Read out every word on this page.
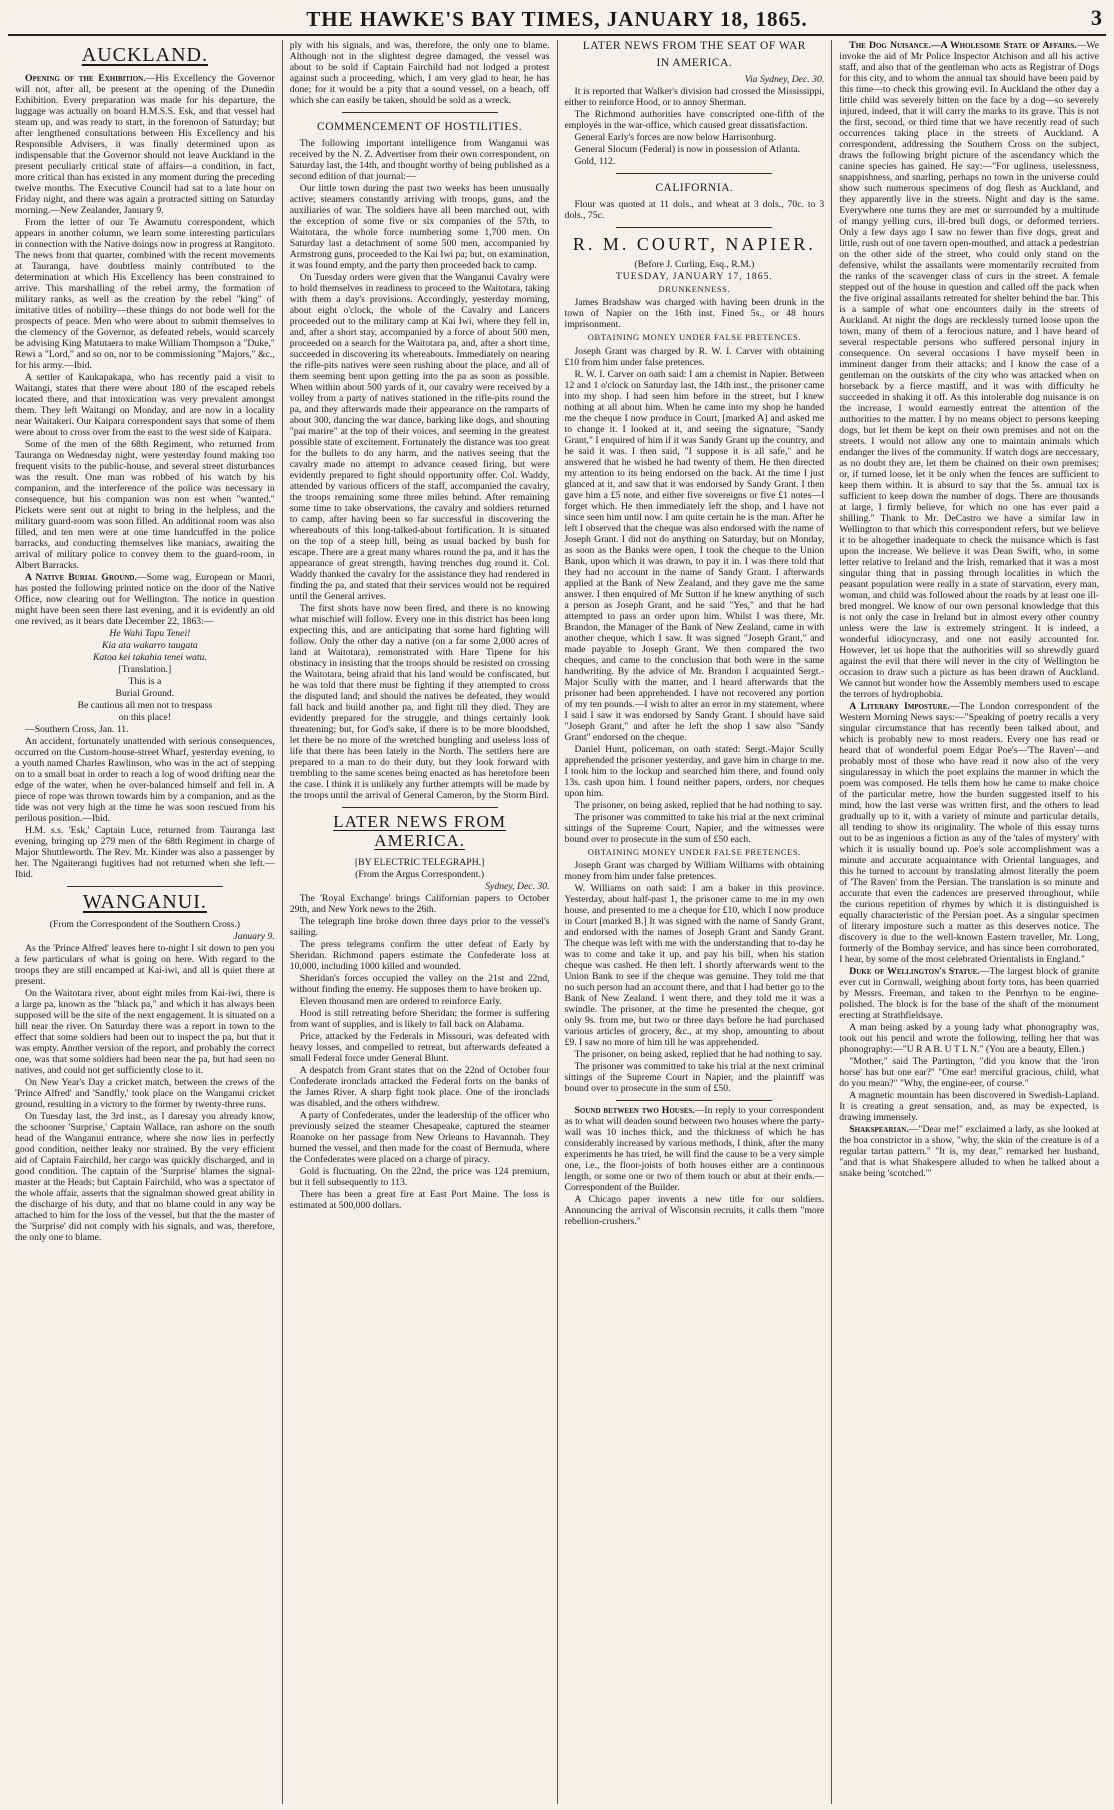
THE HAWKE'S BAY TIMES, JANUARY 18, 1865.	3
AUCKLAND.

Opening of the Exhibition.—His Excellency the Governor will not, after all, be present at the opening of the Dunedin Exhibition. Every preparation was made for his departure, the luggage was actually on board H.M.S.S. Esk, and that vessel had steam up, and was ready to start, in the forenoon of Saturday; but after lengthened consultations between His Excellency and his Responsible Advisers, it was finally determined upon as indispensable that the Governor should not leave Auckland in the present peculiarly critical state of affairs—a condition, in fact, more critical than has existed in any moment during the preceding twelve months. The Executive Council had sat to a late hour on Friday night, and there was again a protracted sitting on Saturday morning.—New Zealander, January 9.

From the letter of our Te Awamutu correspondent, which appears in another column, we learn some interesting particulars in connection with the Native doings now in progress at Rangitoto. The news from that quarter, combined with the recent movements at Tauranga, have doubtless mainly contributed to the determination at which His Excellency has been constrained to arrive. This marshalling of the rebel army, the formation of military ranks, as well as the creation by the rebel "king" of imitative titles of nobility—these things do not bode well for the prospects of peace. Men who were about to submit themselves to the clemency of the Governor, as defeated rebels, would scarcely be advising King Matutaera to make William Thompson a "Duke," Rewi a "Lord," and so on, nor to be commissioning "Majors," &c., for his army.—Ibid.

A settler of Kaukapakapa, who has recently paid a visit to Waitangi, states that there were about 180 of the escaped rebels located there, and that intoxication was very prevalent amongst them. They left Waitangi on Monday, and are now in a locality near Waitakeri. Our Kaipara correspondent says that some of them were about to cross over from the east to the west side of Kaipara.

Some of the men of the 68th Regiment, who returned from Tauranga on Wednesday night, were yesterday found making too frequent visits to the public-house, and several street disturbances was the result. One man was robbed of his watch by his companion, and the interference of the police was necessary in consequence, but his companion was non est when "wanted." Pickets were sent out at night to bring in the helpless, and the military guard-room was soon filled. An additional room was also filled, and ten men were at one time handcuffed in the police barracks, and conducting themselves like maniacs, awaiting the arrival of military police to convey them to the guard-room, in Albert Barracks.

A Native Burial Ground.—Some wag, European or Maori, has posted the following printed notice on the door of the Native Office, now clearing out for Wellington. The notice in question might have been seen there last evening, and it is evidently an old one revived, as it bears date December 22, 1863:—

He Wahi Tapu Tenei!

Kia ata wakarro taugata

Katoa kei takahia tenei watu.

[Translation.]

This is a

Burial Ground.

Be cautious all men not to trespass

on this place!

—Southern Cross, Jan. 11.

An accident, fortunately unattended with serious consequences, occurred on the Custom-house-street Wharf, yesterday evening, to a youth named Charles Rawlinson, who was in the act of stepping on to a small boat in order to reach a log of wood drifting near the edge of the water, when he over-balanced himself and fell in. A piece of rope was thrown towards him by a companion, and as the tide was not very high at the time he was soon rescued from his perilous position.—Ibid.

H.M. s.s. 'Esk,' Captain Luce, returned from Tauranga last evening, bringing up 279 men of the 68th Regiment in charge of Major Shuttleworth. The Rev. Mr. Kinder was also a passenger by her. The Ngaiterangi fugitives had not returned when she left.—Ibid.

WANGANUI.

(From the Correspondent of the Southern Cross.)

January 9.

As the 'Prince Alfred' leaves here to-night I sit down to pen you a few particulars of what is going on here. With regard to the troops they are still encamped at Kai-iwi, and all is quiet there at present.

On the Waitotara river, about eight miles from Kai-iwi, there is a large pa, known as the "black pa," and which it has always been supposed will be the site of the next engagement. It is situated on a hill near the river. On Saturday there was a report in town to the effect that some soldiers had been out to inspect the pa, but that it was empty. Another version of the report, and probably the correct one, was that some soldiers had been near the pa, but had seen no natives, and could not get sufficiently close to it.

On New Year's Day a cricket match, between the crews of the 'Prince Alfred' and 'Sandfly,' took place on the Wanganui cricket ground, resulting in a victory to the former by twenty-three runs.

On Tuesday last, the 3rd inst., as I daresay you already know, the schooner 'Surprise,' Captain Wallace, ran ashore on the south head of the Wanganui entrance, where she now lies in perfectly good condition, neither leaky nor strained. By the very efficient aid of Captain Fairchild, her cargo was quickly discharged, and in good condition. The captain of the 'Surprise' blames the signal-master at the Heads; but Captain Fairchild, who was a spectator of the whole affair, asserts that the signalman showed great ability in the discharge of his duty, and that no blame could in any way be attached to him for the loss of the vessel, but that the the master of the 'Surprise' did not comply with his signals, and was, therefore, the only one to blame.

ply with his signals, and was, therefore, the only one to blame. Although not in the slightest degree damaged, the vessel was about to be sold if Captain Fairchild had not lodged a protest against such a proceeding, which, I am very glad to hear, he has done; for it would be a pity that a sound vessel, on a beach, off which she can easily be taken, should be sold as a wreck.

COMMENCEMENT OF HOSTILITIES.

The following important intelligence from Wanganui was received by the N. Z. Advertiser from their own correspondent, on Saturday last, the 14th, and thought worthy of being published as a second edition of that journal:—

Our little town during the past two weeks has been unusually active; steamers constantly arriving with troops, guns, and the auxiliaries of war. The soldiers have all been marched out, with the exception of some five or six companies of the 57th, to Waitotara, the whole force numbering some 1,700 men. On Saturday last a detachment of some 500 men, accompanied by Armstrong guns, proceeded to the Kai Iwi pa; but, on examination, it was found empty, and the party then proceeded back to camp.

On Tuesday orders were given that the Wanganui Cavalry were to hold themselves in readiness to proceed to the Waitotara, taking with them a day's provisions. Accordingly, yesterday morning, about eight o'clock, the whole of the Cavalry and Lancers proceeded out to the military camp at Kai Iwi, where they fell in, and, after a short stay, accompanied by a force of about 500 men, proceeded on a search for the Waitotara pa, and, after a short time, succeeded in discovering its whereabouts. Immediately on nearing the rifle-pits natives were seen rushing about the place, and all of them seeming bent upon getting into the pa as soon as possible. When within about 500 yards of it, our cavalry were received by a volley from a party of natives stationed in the rifle-pits round the pa, and they afterwards made their appearance on the ramparts of about 300, dancing the war dance, barking like dogs, and shouting "pai marire" at the top of their voices, and seeming in the greatest possible state of excitement. Fortunately the distance was too great for the bullets to do any harm, and the natives seeing that the cavalry made no attempt to advance ceased firing, but were evidently prepared to fight should opportunity offer. Col. Waddy, attended by various officers of the staff, accompanied the cavalry, the troops remaining some three miles behind. After remaining some time to take observations, the cavalry and soldiers returned to camp, after having been so far successful in discovering the whereabouts of this long-talked-about fortification. It is situated on the top of a steep hill, being as usual backed by bush for escape. There are a great many whares round the pa, and it has the appearance of great strength, having trenches dug round it. Col. Waddy thanked the cavalry for the assistance they had rendered in finding the pa, and stated that their services would not be required until the General arrives.

The first shots have now been fired, and there is no knowing what mischief will follow. Every one in this district has been long expecting this, and are anticipating that some hard fighting will follow. Only the other day a native (on a far some 2,000 acres of land at Waitotara), remonstrated with Hare Tipene for his obstinacy in insisting that the troops should be resisted on crossing the Waitotara, being afraid that his land would be confiscated, but he was told that there must be fighting if they attempted to cross the disputed land; and should the natives be defeated, they would fall back and build another pa, and fight till they died. They are evidently prepared for the struggle, and things certainly look threatening; but, for God's sake, if there is to be more bloodshed, let there be no more of the wretched bungling and useless loss of life that there has been lately in the North. The settlers here are prepared to a man to do their duty, but they look forward with trembling to the same scenes being enacted as has heretofore been the case. I think it is unlikely any further attempts will be made by the troops until the arrival of General Cameron, by the Storm Bird.

LATER NEWS FROM AMERICA.

[BY ELECTRIC TELEGRAPH.]

(From the Argus Correspondent.)

Sydney, Dec. 30.

The 'Royal Exchange' brings Californian papers to October 29th, and New York news to the 26th.

The telegraph line broke down three days prior to the vessel's sailing.

The press telegrams confirm the utter defeat of Early by Sheridan. Richmond papers estimate the Confederate loss at 10,000, including 1000 killed and wounded.

Sheridan's forces occupied the valley on the 21st and 22nd, without finding the enemy. He supposes them to have broken up.

Eleven thousand men are ordered to reinforce Early.

Hood is still retreating before Sheridan; the former is suffering from want of supplies, and is likely to fall back on Alabama.

Price, attacked by the Federals in Missouri, was defeated with heavy losses, and compelled to retreat, but afterwards defeated a small Federal force under General Blunt.

A despatch from Grant states that on the 22nd of October four Confederate ironclads attacked the Federal forts on the banks of the James River. A sharp fight took place. One of the ironclads was disabled, and the others withdrew.

A party of Confederates, under the leadership of the officer who previously seized the steamer Chesapeake, captured the steamer Roanoke on her passage from New Orleans to Havannah. They burned the vessel, and then made for the coast of Bermuda, where the Confederates were placed on a charge of piracy.

Gold is fluctuating. On the 22nd, the price was 124 premium, but it fell subsequently to 113.

There has been a great fire at East Port Maine. The loss is estimated at 500,000 dollars.

LATER NEWS FROM THE SEAT OF WAR
IN AMERICA.

Via Sydney, Dec. 30.

It is reported that Walker's division had crossed the Mississippi, either to reinforce Hood, or to annoy Sherman.

The Richmond authorities have conscripted one-fifth of the employés in the war-office, which caused great dissatisfaction.

General Early's forces are now below Harrisonburg.

General Slocum (Federal) is now in possession of Atlanta.

Gold, 112.

CALIFORNIA.

Flour was quoted at 11 dols., and wheat at 3 dols., 70c. to 3 dols., 75c.

R. M. COURT, NAPIER.

(Before J. Curling, Esq., R.M.)

TUESDAY, JANUARY 17, 1865.

DRUNKENNESS.

James Bradshaw was charged with having been drunk in the town of Napier on the 16th inst. Fined 5s., or 48 hours imprisonment.

OBTAINING MONEY UNDER FALSE PRETENCES.

Joseph Grant was charged by R. W. I. Carver with obtaining £10 from him under false pretences.

R. W. I. Carver on oath said: I am a chemist in Napier. Between 12 and 1 o'clock on Saturday last, the 14th inst., the prisoner came into my shop. I had seen him before in the street, but I knew nothing at all about him. When he came into my shop he handed me the cheque I now produce in Court, [marked A] and asked me to change it. I looked at it, and seeing the signature, "Sandy Grant," I enquired of him if it was Sandy Grant up the country, and he said it was. I then said, "I suppose it is all safe," and he answered that he wished he had twenty of them. He then directed my attention to its being endorsed on the back. At the time I just glanced at it, and saw that it was endorsed by Sandy Grant. I then gave him a £5 note, and either five sovereigns or five £1 notes—I forget which. He then immediately left the shop, and I have not since seen him until now. I am quite certain he is the man. After he left I observed that the cheque was also endorsed with the name of Joseph Grant. I did not do anything on Saturday, but on Monday, as soon as the Banks were open, I took the cheque to the Union Bank, upon which it was drawn, to pay it in. I was there told that they had no account in the name of Sandy Grant. I afterwards applied at the Bank of New Zealand, and they gave me the same answer. I then enquired of Mr Sutton if he knew anything of such a person as Joseph Grant, and he said "Yes," and that he had attempted to pass an order upon him. Whilst I was there, Mr. Brandon, the Manager of the Bank of New Zealand, came in with another cheque, which I saw. It was signed "Joseph Grant," and made payable to Joseph Grant. We then compared the two cheques, and came to the conclusion that both were in the same handwriting. By the advice of Mr. Brandon I acquainted Sergt.-Major Scully with the matter, and I heard afterwards that the prisoner had been apprehended. I have not recovered any portion of my ten pounds.—I wish to alter an error in my statement, where I said I saw it was endorsed by Sandy Grant. I should have said "Joseph Grant," and after he left the shop I saw also "Sandy Grant" endorsed on the cheque.

Daniel Hunt, policeman, on oath stated: Sergt.-Major Scully apprehended the prisoner yesterday, and gave him in charge to me. I took him to the lockup and searched him there, and found only 13s. cash upon him. I found neither papers, orders, nor cheques upon him.

The prisoner, on being asked, replied that he had nothing to say.

The prisoner was committed to take his trial at the next criminal sittings of the Supreme Court, Napier, and the witnesses were bound over to prosecute in the sum of £50 each.

OBTAINING MONEY UNDER FALSE PRETENCES.

Joseph Grant was charged by William Williams with obtaining money from him under false pretences.

W. Williams on oath said: I am a baker in this province. Yesterday, about half-past 1, the prisoner came to me in my own house, and presented to me a cheque for £10, which I now produce in Court [marked B.] It was signed with the name of Sandy Grant, and endorsed with the names of Joseph Grant and Sandy Grant. The cheque was left with me with the understanding that to-day he was to come and take it up, and pay his bill, when his station cheque was cashed. He then left. I shortly afterwards went to the Union Bank to see if the cheque was genuine. They told me that no such person had an account there, and that I had better go to the Bank of New Zealand. I went there, and they told me it was a swindle. The prisoner, at the time he presented the cheque, got only 9s. from me, but two or three days before he had purchased various articles of grocery, &c., at my shop, amounting to about £9. I saw no more of him till he was apprehended.

The prisoner, on being asked, replied that he had nothing to say.

The prisoner was committed to take his trial at the next criminal sittings of the Supreme Court in Napier, and the plaintiff was bound over to prosecute in the sum of £50.

Sound between two Houses.—In reply to your correspondent as to what will deaden sound between two houses where the party-wall was 10 inches thick, and the thickness of which he has considerably increased by various methods, I think, after the many experiments he has tried, he will find the cause to be a very simple one, i.e., the floor-joists of both houses either are a continuous length, or some one or two of them touch or abut at their ends.—Correspondent of the Builder.

A Chicago paper invents a new title for our soldiers. Announcing the arrival of Wisconsin recruits, it calls them "more rebellion-crushers."

The Dog Nuisance.—A Wholesome State of Affairs.—We invoke the aid of Mr Police Inspector Atchison and all his active staff, and also that of the gentleman who acts as Registrar of Dogs for this city, and to whom the annual tax should have been paid by this time—to check this growing evil. In Auckland the other day a little child was severely bitten on the face by a dog—so severely injured, indeed, that it will carry the marks to its grave. This is not the first, second, or third time that we have recently read of such occurrences taking place in the streets of Auckland. A correspondent, addressing the Southern Cross on the subject, draws the following bright picture of the ascendancy which the canine species has gained. He say:—"For ugliness, uselessness, snappishness, and snarling, perhaps no town in the universe could show such numerous specimens of dog flesh as Auckland, and they apparently live in the streets. Night and day is the same. Everywhere one turns they are met or surrounded by a multitude of mangy yelling curs, ill-bred bull dogs, or deformed terriers. Only a few days ago I saw no fewer than five dogs, great and little, rush out of one tavern open-mouthed, and attack a pedestrian on the other side of the street, who could only stand on the defensive, whilst the assailants were momentarily recruited from the ranks of the scavenger class of curs in the street. A female stepped out of the house in question and called off the pack when the five original assailants retreated for shelter behind the bar. This is a sample of what one encounters daily in the streets of Auckland. At night the dogs are recklessly turned loose upon the town, many of them of a ferocious nature, and I have heard of several respectable persons who suffered personal injury in consequence. On several occasions I have myself been in imminent danger from their attacks; and I know the case of a gentleman on the outskirts of the city who was attacked when on horseback by a fierce mastiff, and it was with difficulty he succeeded in shaking it off. As this intolerable dog nuisance is on the increase, I would earnestly entreat the attention of the authorities to the matter. I by no means object to persons keeping dogs, but let them be kept on their own premises and not on the streets. I would not allow any one to maintain animals which endanger the lives of the community. If watch dogs are neccessary, as no doubt they are, let them be chained on their own premises; or, if turned loose, let it be only when the fences are sufficient to keep them within. It is absurd to say that the 5s. annual tax is sufficient to keep down the number of dogs. There are thousands at large, I firmly believe, for which no one has ever paid a shilling." Thank to Mr. DeCastro we have a similar law in Wellington to that which this correspondent refers, but we believe it to be altogether inadequate to check the nuisance which is fast upon the increase. We believe it was Dean Swift, who, in some letter relative to Ireland and the Irish, remarked that it was a most singular thing that in passing through localities in which the peasant population were really in a state of starvation, every man, woman, and child was followed about the roads by at least one ill-bred mongrel. We know of our own personal knowledge that this is not only the case in Ireland but in almost every other country unless were the law is extremely stringent. It is indeed, a wonderful idiocyncrasy, and one not easily accounted for. However, let us hope that the authorities will so shrewdly guard against the evil that there will never in the city of Wellington be occasion to draw such a picture as has been drawn of Auckland. We cannot but wonder how the Assembly members used to escape the terrors of hydrophobia.

A Literary Imposture.—The London correspondent of the Western Morning News says:—"Speaking of poetry recalls a very singular circumstance that has recently been talked about, and which is probably new to most readers. Every one has read or heard that of wonderful poem Edgar Poe's—'The Raven'—and probably most of those who have read it now also of the very singularessay in which the poet explains the manner in which the poem was composed. He tells them how he came to make choice of the particular metre, how the burden suggested itself to his mind, how the last verse was written first, and the others to lead gradually up to it, with a variety of minute and particular details, all tending to show its originality. The whole of this essay turns out to be as ingenious a fiction as any of the 'tales of mystery' with which it is usually bound up. Poe's sole accomplishment was a minute and accurate acquaintance with Oriental languages, and this he turned to account by translating almost literally the poem of 'The Raven' from the Persian. The translation is so minute and accurate that even the cadences are preserved throughout, while the curious repetition of rhymes by which it is distinguished is equally characteristic of the Persian poet. As a singular specimen of literary imposture such a matter as this deserves notice. The discovery is due to the well-known Eastern traveller, Mr. Long, formerly of the Bombay service, and has since been corroborated, I hear, by some of the most celebrated Orientalists in England."

Duke of Wellington's Statue.—The largest block of granite ever cut in Cornwall, weighing about forty tons, has been quarried by Messrs. Freeman, and taken to the Penrhyn to be engine-polished. The block is for the base of the shaft of the monument erecting at Strathfieldsaye.

A man being asked by a young lady what phonography was, took out his pencil and wrote the following, telling her that was phonography:—"U R A B. U T L N." (You are a beauty, Ellen.)

"Mother," said The Partington, "did you know that the 'iron horse' has but one ear?" "One ear! merciful gracious, child, what do you mean?" "Why, the engine-eer, of course."

A magnetic mountain has been discovered in Swedish-Lapland. It is creating a great sensation, and, as may be expected, is drawing immensely.

Shakspearian.—"Dear me!" exclaimed a lady, as she looked at the boa constrictor in a show, "why, the skin of the creature is of a regular tartan pattern." "It is, my dear," remarked her husband, "and that is what Shakespere alluded to when he talked about a snake being 'scotched.'"
